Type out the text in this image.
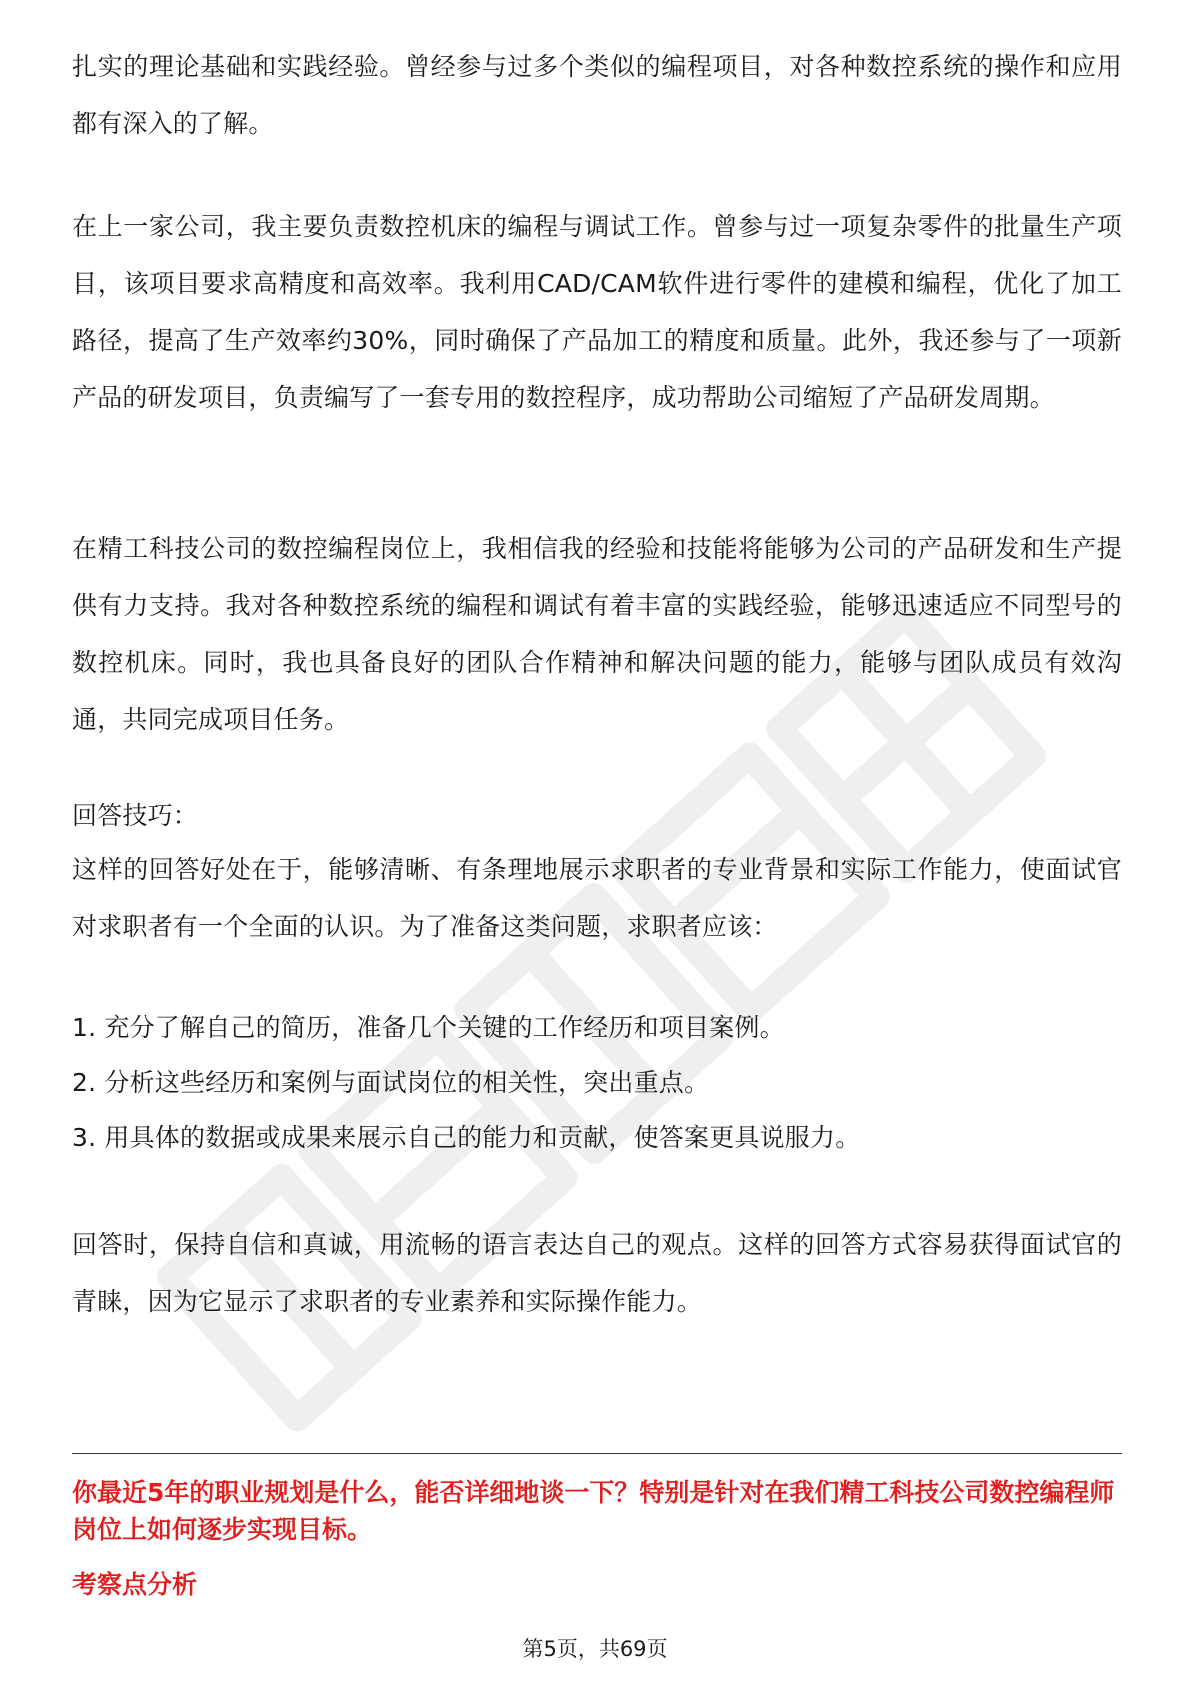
扎实的理论基础和实践经验。曾经参与过多个类似的编程项目，对各种数控系统的操作和应用都有深入的了解。

在上一家公司，我主要负责数控机床的编程与调试工作。曾参与过一项复杂零件的批量生产项目，该项目要求高精度和高效率。我利用CAD/CAM软件进行零件的建模和编程，优化了加工路径，提高了生产效率约30%，同时确保了产品加工的精度和质量。此外，我还参与了一项新产品的研发项目，负责编写了一套专用的数控程序，成功帮助公司缩短了产品研发周期。

在精工科技公司的数控编程岗位上，我相信我的经验和技能将能够为公司的产品研发和生产提供有力支持。我对各种数控系统的编程和调试有着丰富的实践经验，能够迅速适应不同型号的数控机床。同时，我也具备良好的团队合作精神和解决问题的能力，能够与团队成员有效沟通，共同完成项目任务。

回答技巧：

这样的回答好处在于，能够清晰、有条理地展示求职者的专业背景和实际工作能力，使面试官对求职者有一个全面的认识。为了准备这类问题，求职者应该：

1. 充分了解自己的简历，准备几个关键的工作经历和项目案例。

2. 分析这些经历和案例与面试岗位的相关性，突出重点。

3. 用具体的数据或成果来展示自己的能力和贡献，使答案更具说服力。

回答时，保持自信和真诚，用流畅的语言表达自己的观点。这样的回答方式容易获得面试官的青睐，因为它显示了求职者的专业素养和实际操作能力。

你最近5年的职业规划是什么，能否详细地谈一下？特别是针对在我们精工科技公司数控编程师岗位上如何逐步实现目标。

考察点分析

第5页，共69页
